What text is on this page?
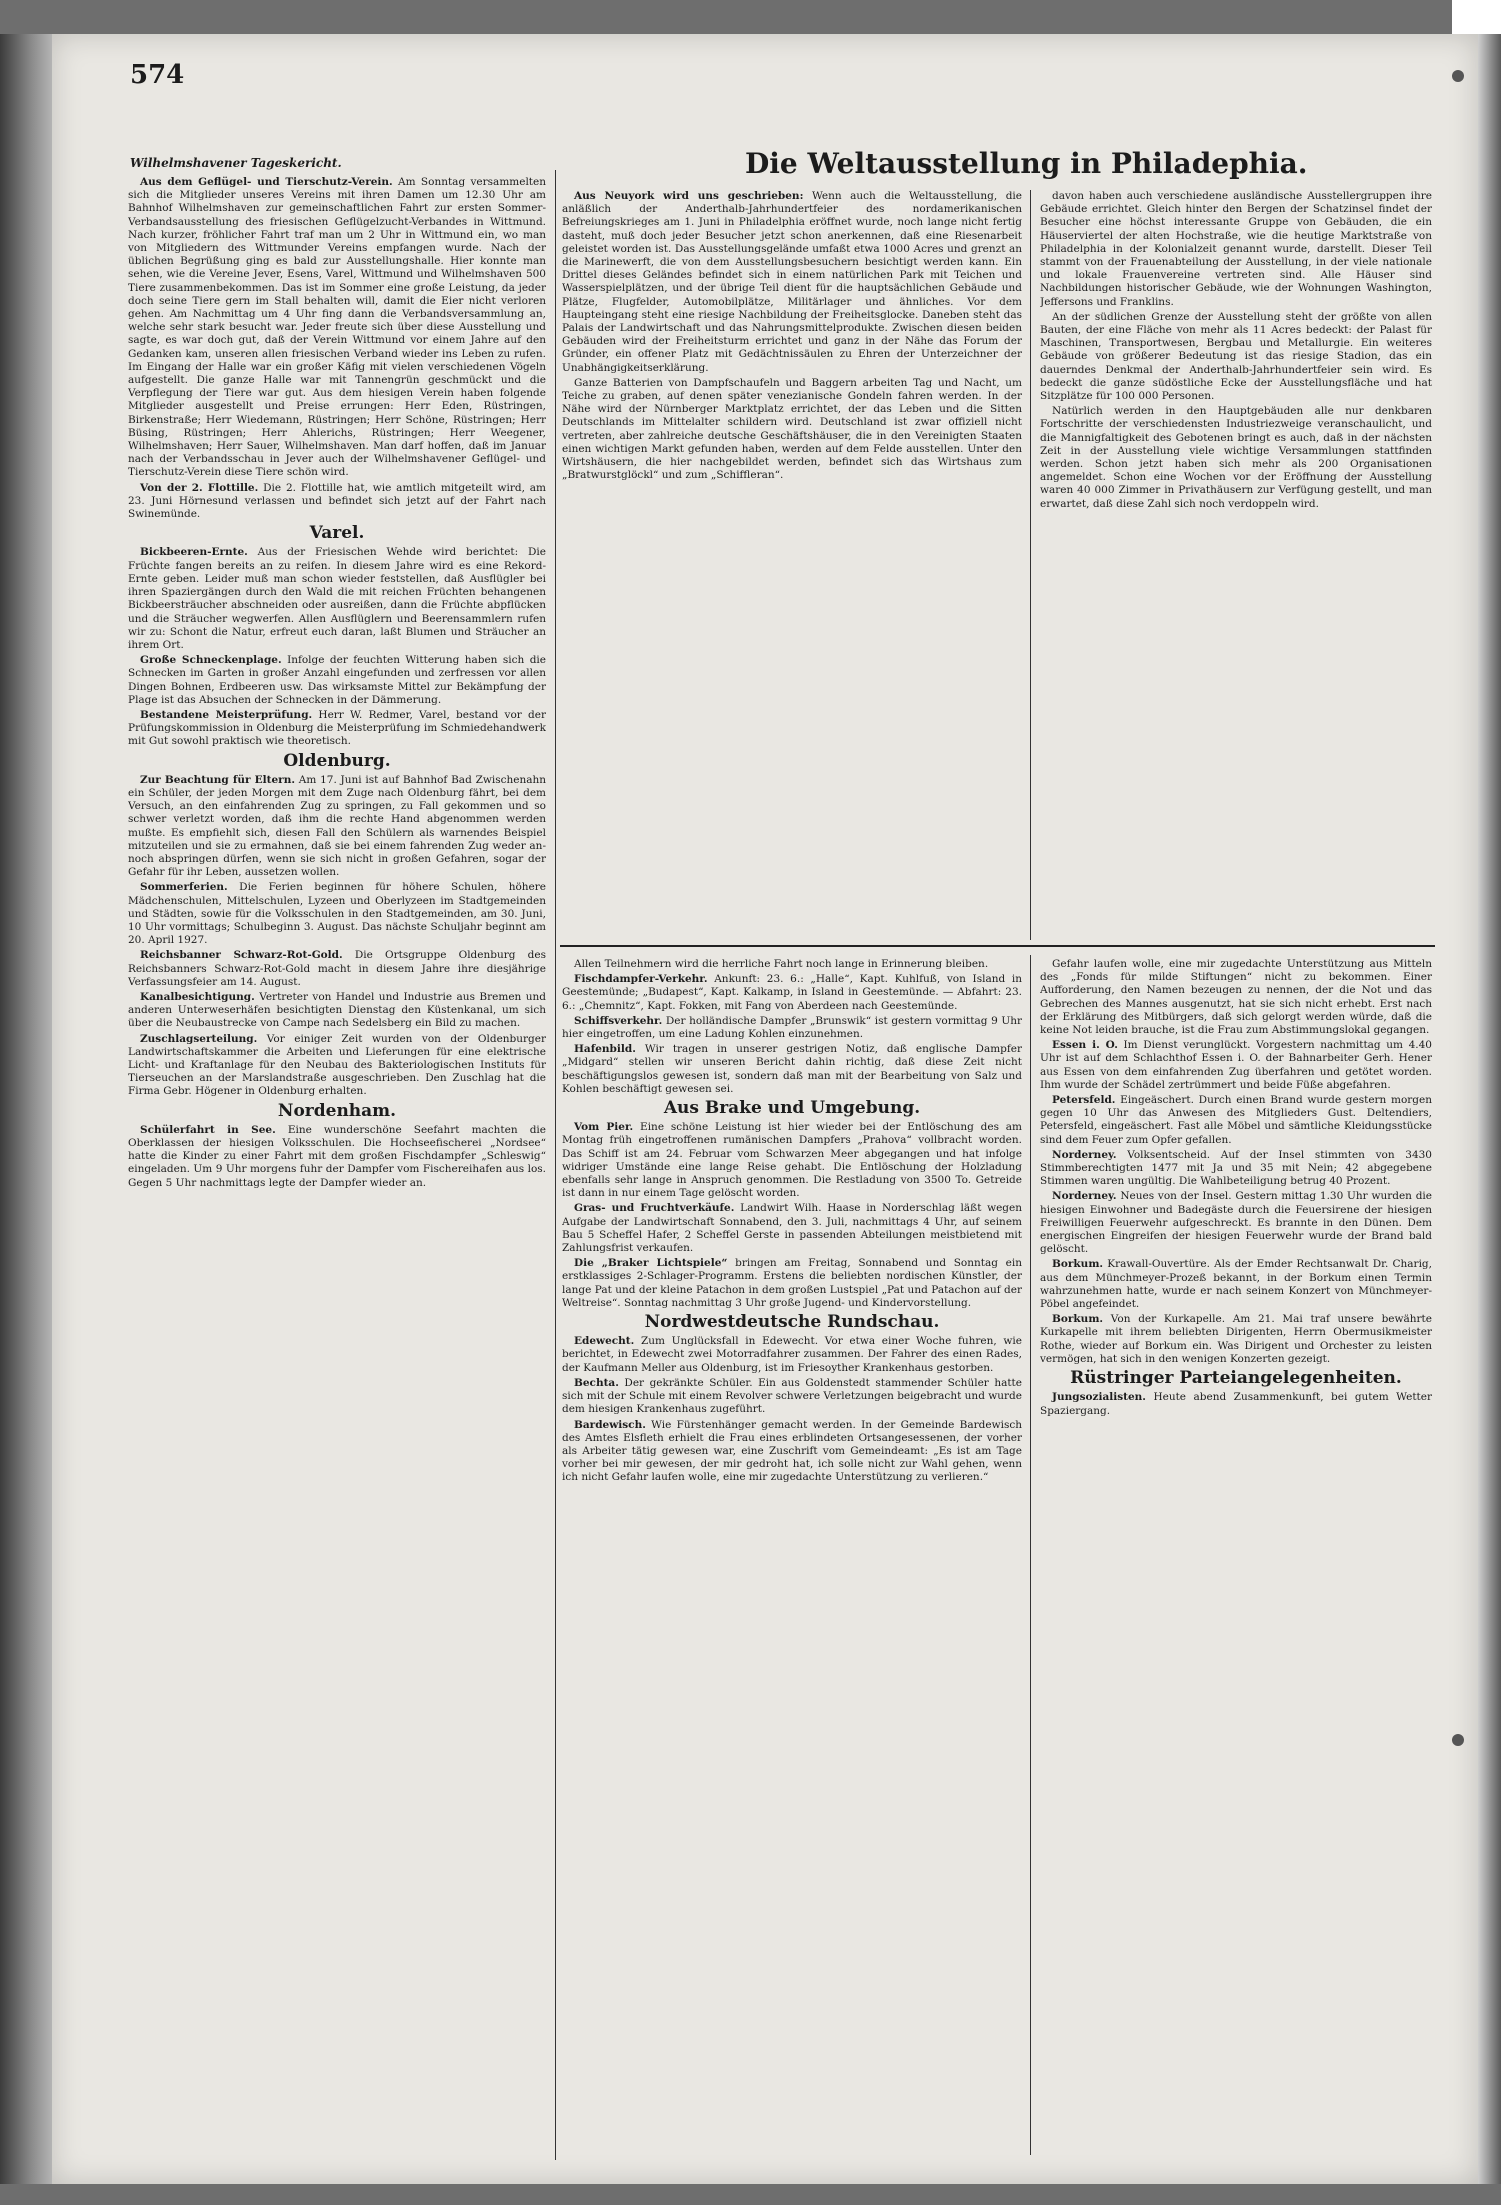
574
Wilhelmshavener Tageskericht.	Die Weltausstellung in Philadephia.

Aus dem Geflügel- und Tierschutz-Verein. Am Sonntag versammelten sich die Mitglieder unseres Vereins mit ihren Damen um 12.30 Uhr am Bahnhof Wilhelmshaven zur gemeinschaftlichen Fahrt zur ersten Sommer-Verbandsausstellung des friesischen Geflügelzucht-Verbandes in Wittmund. Nach kurzer, fröhlicher Fahrt traf man um 2 Uhr in Wittmund ein, wo man von Mitgliedern des Wittmunder Vereins empfangen wurde. Nach der üblichen Begrüßung ging es bald zur Ausstellungshalle. Hier konnte man sehen, wie die Vereine Jever, Esens, Varel, Wittmund und Wilhelmshaven 500 Tiere zusammenbekommen. Das ist im Sommer eine große Leistung, da jeder doch seine Tiere gern im Stall behalten will, damit die Eier nicht verloren gehen. Am Nachmittag um 4 Uhr fing dann die Verbandsversammlung an, welche sehr stark besucht war. Jeder freute sich über diese Ausstellung und sagte, es war doch gut, daß der Verein Wittmund vor einem Jahre auf den Gedanken kam, unseren allen friesischen Verband wieder ins Leben zu rufen. Im Eingang der Halle war ein großer Käfig mit vielen verschiedenen Vögeln aufgestellt. Die ganze Halle war mit Tannengrün geschmückt und die Verpflegung der Tiere war gut. Aus dem hiesigen Verein haben folgende Mitglieder ausgestellt und Preise errungen: Herr Eden, Rüstringen, Birkenstraße; Herr Wiedemann, Rüstringen; Herr Schöne, Rüstringen; Herr Büsing, Rüstringen; Herr Ahlerichs, Rüstringen; Herr Weegener, Wilhelmshaven; Herr Sauer, Wilhelmshaven. Man darf hoffen, daß im Januar nach der Verbandsschau in Jever auch der Wilhelmshavener Geflügel- und Tierschutz-Verein diese Tiere schön wird.

Von der 2. Flottille. Die 2. Flottille hat, wie amtlich mitgeteilt wird, am 23. Juni Hörnesund verlassen und befindet sich jetzt auf der Fahrt nach Swinemünde.

Varel.

Bickbeeren-Ernte. Aus der Friesischen Wehde wird berichtet: Die Früchte fangen bereits an zu reifen. In diesem Jahre wird es eine Rekord-Ernte geben. Leider muß man schon wieder feststellen, daß Ausflügler bei ihren Spaziergängen durch den Wald die mit reichen Früchten behangenen Bickbeersträucher abschneiden oder ausreißen, dann die Früchte abpflücken und die Sträucher wegwerfen. Allen Ausflüglern und Beerensammlern rufen wir zu: Schont die Natur, erfreut euch daran, laßt Blumen und Sträucher an ihrem Ort.

Große Schneckenplage. Infolge der feuchten Witterung haben sich die Schnecken im Garten in großer Anzahl eingefunden und zerfressen vor allen Dingen Bohnen, Erdbeeren usw. Das wirksamste Mittel zur Bekämpfung der Plage ist das Absuchen der Schnecken in der Dämmerung.

Bestandene Meisterprüfung. Herr W. Redmer, Varel, bestand vor der Prüfungskommission in Oldenburg die Meisterprüfung im Schmiedehandwerk mit Gut sowohl praktisch wie theoretisch.

Oldenburg.

Zur Beachtung für Eltern. Am 17. Juni ist auf Bahnhof Bad Zwischenahn ein Schüler, der jeden Morgen mit dem Zuge nach Oldenburg fährt, bei dem Versuch, an den einfahrenden Zug zu springen, zu Fall gekommen und so schwer verletzt worden, daß ihm die rechte Hand abgenommen werden mußte. Es empfiehlt sich, diesen Fall den Schülern als warnendes Beispiel mitzuteilen und sie zu ermahnen, daß sie bei einem fahrenden Zug weder an- noch abspringen dürfen, wenn sie sich nicht in großen Gefahren, sogar der Gefahr für ihr Leben, aussetzen wollen.

Sommerferien. Die Ferien beginnen für höhere Schulen, höhere Mädchenschulen, Mittelschulen, Lyzeen und Oberlyzeen im Stadtgemeinden und Städten, sowie für die Volksschulen in den Stadtgemeinden, am 30. Juni, 10 Uhr vormittags; Schulbeginn 3. August. Das nächste Schuljahr beginnt am 20. April 1927.

Reichsbanner Schwarz-Rot-Gold. Die Ortsgruppe Oldenburg des Reichsbanners Schwarz-Rot-Gold macht in diesem Jahre ihre diesjährige Verfassungsfeier am 14. August.

Kanalbesichtigung. Vertreter von Handel und Industrie aus Bremen und anderen Unterweserhäfen besichtigten Dienstag den Küstenkanal, um sich über die Neubaustrecke von Campe nach Sedelsberg ein Bild zu machen.

Zuschlagserteilung. Vor einiger Zeit wurden von der Oldenburger Landwirtschaftskammer die Arbeiten und Lieferungen für eine elektrische Licht- und Kraftanlage für den Neubau des Bakteriologischen Instituts für Tierseuchen an der Marslandstraße ausgeschrieben. Den Zuschlag hat die Firma Gebr. Högener in Oldenburg erhalten.

Nordenham.

Schülerfahrt in See. Eine wunderschöne Seefahrt machten die Oberklassen der hiesigen Volksschulen. Die Hochseefischerei „Nordsee“ hatte die Kinder zu einer Fahrt mit dem großen Fischdampfer „Schleswig“ eingeladen. Um 9 Uhr morgens fuhr der Dampfer vom Fischereihafen aus los. Gegen 5 Uhr nachmittags legte der Dampfer wieder an.

Aus Neuyork wird uns geschrieben: Wenn auch die Weltausstellung, die anläßlich der Anderthalb-Jahrhundertfeier des nordamerikanischen Befreiungskrieges am 1. Juni in Philadelphia eröffnet wurde, noch lange nicht fertig dasteht, muß doch jeder Besucher jetzt schon anerkennen, daß eine Riesenarbeit geleistet worden ist. Das Ausstellungsgelände umfaßt etwa 1000 Acres und grenzt an die Marinewerft, die von dem Ausstellungsbesuchern besichtigt werden kann. Ein Drittel dieses Geländes befindet sich in einem natürlichen Park mit Teichen und Wasserspielplätzen, und der übrige Teil dient für die hauptsächlichen Gebäude und Plätze, Flugfelder, Automobilplätze, Militärlager und ähnliches. Vor dem Haupteingang steht eine riesige Nachbildung der Freiheitsglocke. Daneben steht das Palais der Landwirtschaft und das Nahrungsmittelprodukte. Zwischen diesen beiden Gebäuden wird der Freiheitsturm errichtet und ganz in der Nähe das Forum der Gründer, ein offener Platz mit Gedächtnissäulen zu Ehren der Unterzeichner der Unabhängigkeitserklärung.

Ganze Batterien von Dampfschaufeln und Baggern arbeiten Tag und Nacht, um Teiche zu graben, auf denen später venezianische Gondeln fahren werden. In der Nähe wird der Nürnberger Marktplatz errichtet, der das Leben und die Sitten Deutschlands im Mittelalter schildern wird. Deutschland ist zwar offiziell nicht vertreten, aber zahlreiche deutsche Geschäftshäuser, die in den Vereinigten Staaten einen wichtigen Markt gefunden haben, werden auf dem Felde ausstellen. Unter den Wirtshäusern, die hier nachgebildet werden, befindet sich das Wirtshaus zum „Bratwurstglöckl“ und zum „Schiffleran“.

davon haben auch verschiedene ausländische Ausstellergruppen ihre Gebäude errichtet. Gleich hinter den Bergen der Schatzinsel findet der Besucher eine höchst interessante Gruppe von Gebäuden, die ein Häuserviertel der alten Hochstraße, wie die heutige Marktstraße von Philadelphia in der Kolonialzeit genannt wurde, darstellt. Dieser Teil stammt von der Frauenabteilung der Ausstellung, in der viele nationale und lokale Frauenvereine vertreten sind. Alle Häuser sind Nachbildungen historischer Gebäude, wie der Wohnungen Washington, Jeffersons und Franklins.

An der südlichen Grenze der Ausstellung steht der größte von allen Bauten, der eine Fläche von mehr als 11 Acres bedeckt: der Palast für Maschinen, Transportwesen, Bergbau und Metallurgie. Ein weiteres Gebäude von größerer Bedeutung ist das riesige Stadion, das ein dauerndes Denkmal der Anderthalb-Jahrhundertfeier sein wird. Es bedeckt die ganze südöstliche Ecke der Ausstellungsfläche und hat Sitzplätze für 100 000 Personen.

Natürlich werden in den Hauptgebäuden alle nur denkbaren Fortschritte der verschiedensten Industriezweige veranschaulicht, und die Mannigfaltigkeit des Gebotenen bringt es auch, daß in der nächsten Zeit in der Ausstellung viele wichtige Versammlungen stattfinden werden. Schon jetzt haben sich mehr als 200 Organisationen angemeldet. Schon eine Wochen vor der Eröffnung der Ausstellung waren 40 000 Zimmer in Privathäusern zur Verfügung gestellt, und man erwartet, daß diese Zahl sich noch verdoppeln wird.

Allen Teilnehmern wird die herrliche Fahrt noch lange in Erinnerung bleiben.

Fischdampfer-Verkehr. Ankunft: 23. 6.: „Halle“, Kapt. Kuhlfuß, von Island in Geestemünde; „Budapest“, Kapt. Kalkamp, in Island in Geestemünde. — Abfahrt: 23. 6.: „Chemnitz“, Kapt. Fokken, mit Fang von Aberdeen nach Geestemünde.

Schiffsverkehr. Der holländische Dampfer „Brunswik“ ist gestern vormittag 9 Uhr hier eingetroffen, um eine Ladung Kohlen einzunehmen.

Hafenbild. Wir tragen in unserer gestrigen Notiz, daß englische Dampfer „Midgard“ stellen wir unseren Bericht dahin richtig, daß diese Zeit nicht beschäftigungslos gewesen ist, sondern daß man mit der Bearbeitung von Salz und Kohlen beschäftigt gewesen sei.

Aus Brake und Umgebung.

Vom Pier. Eine schöne Leistung ist hier wieder bei der Entlöschung des am Montag früh eingetroffenen rumänischen Dampfers „Prahova“ vollbracht worden. Das Schiff ist am 24. Februar vom Schwarzen Meer abgegangen und hat infolge widriger Umstände eine lange Reise gehabt. Die Entlöschung der Holzladung ebenfalls sehr lange in Anspruch genommen. Die Restladung von 3500 To. Getreide ist dann in nur einem Tage gelöscht worden.

Gras- und Fruchtverkäufe. Landwirt Wilh. Haase in Norderschlag läßt wegen Aufgabe der Landwirtschaft Sonnabend, den 3. Juli, nachmittags 4 Uhr, auf seinem Bau 5 Scheffel Hafer, 2 Scheffel Gerste in passenden Abteilungen meistbietend mit Zahlungsfrist verkaufen.

Die „Braker Lichtspiele“ bringen am Freitag, Sonnabend und Sonntag ein erstklassiges 2-Schlager-Programm. Erstens die beliebten nordischen Künstler, der lange Pat und der kleine Patachon in dem großen Lustspiel „Pat und Patachon auf der Weltreise“. Sonntag nachmittag 3 Uhr große Jugend- und Kindervorstellung.

Nordwestdeutsche Rundschau.

Edewecht. Zum Unglücksfall in Edewecht. Vor etwa einer Woche fuhren, wie berichtet, in Edewecht zwei Motorradfahrer zusammen. Der Fahrer des einen Rades, der Kaufmann Meller aus Oldenburg, ist im Friesoyther Krankenhaus gestorben.

Bechta. Der gekränkte Schüler. Ein aus Goldenstedt stammender Schüler hatte sich mit der Schule mit einem Revolver schwere Verletzungen beigebracht und wurde dem hiesigen Krankenhaus zugeführt.

Bardewisch. Wie Fürstenhänger gemacht werden. In der Gemeinde Bardewisch des Amtes Elsfleth erhielt die Frau eines erblindeten Ortsangesessenen, der vorher als Arbeiter tätig gewesen war, eine Zuschrift vom Gemeindeamt: „Es ist am Tage vorher bei mir gewesen, der mir gedroht hat, ich solle nicht zur Wahl gehen, wenn ich nicht Gefahr laufen wolle, eine mir zugedachte Unterstützung zu verlieren.“

Gefahr laufen wolle, eine mir zugedachte Unterstützung aus Mitteln des „Fonds für milde Stiftungen“ nicht zu bekommen. Einer Aufforderung, den Namen bezeugen zu nennen, der die Not und das Gebrechen des Mannes ausgenutzt, hat sie sich nicht erhebt. Erst nach der Erklärung des Mitbürgers, daß sich gelorgt werden würde, daß die keine Not leiden brauche, ist die Frau zum Abstimmungslokal gegangen.

Essen i. O. Im Dienst verunglückt. Vorgestern nachmittag um 4.40 Uhr ist auf dem Schlachthof Essen i. O. der Bahnarbeiter Gerh. Hener aus Essen von dem einfahrenden Zug überfahren und getötet worden. Ihm wurde der Schädel zertrümmert und beide Füße abgefahren.

Petersfeld. Eingeäschert. Durch einen Brand wurde gestern morgen gegen 10 Uhr das Anwesen des Mitglieders Gust. Deltendiers, Petersfeld, eingeäschert. Fast alle Möbel und sämtliche Kleidungsstücke sind dem Feuer zum Opfer gefallen.

Norderney. Volksentscheid. Auf der Insel stimmten von 3430 Stimmberechtigten 1477 mit Ja und 35 mit Nein; 42 abgegebene Stimmen waren ungültig. Die Wahlbeteiligung betrug 40 Prozent.

Norderney. Neues von der Insel. Gestern mittag 1.30 Uhr wurden die hiesigen Einwohner und Badegäste durch die Feuersirene der hiesigen Freiwilligen Feuerwehr aufgeschreckt. Es brannte in den Dünen. Dem energischen Eingreifen der hiesigen Feuerwehr wurde der Brand bald gelöscht.

Borkum. Krawall-Ouvertüre. Als der Emder Rechtsanwalt Dr. Charig, aus dem Münchmeyer-Prozeß bekannt, in der Borkum einen Termin wahrzunehmen hatte, wurde er nach seinem Konzert von Münchmeyer-Pöbel angefeindet.

Borkum. Von der Kurkapelle. Am 21. Mai traf unsere bewährte Kurkapelle mit ihrem beliebten Dirigenten, Herrn Obermusikmeister Rothe, wieder auf Borkum ein. Was Dirigent und Orchester zu leisten vermögen, hat sich in den wenigen Konzerten gezeigt.

Rüstringer Parteiangelegenheiten.

Jungsozialisten. Heute abend Zusammenkunft, bei gutem Wetter Spaziergang.
